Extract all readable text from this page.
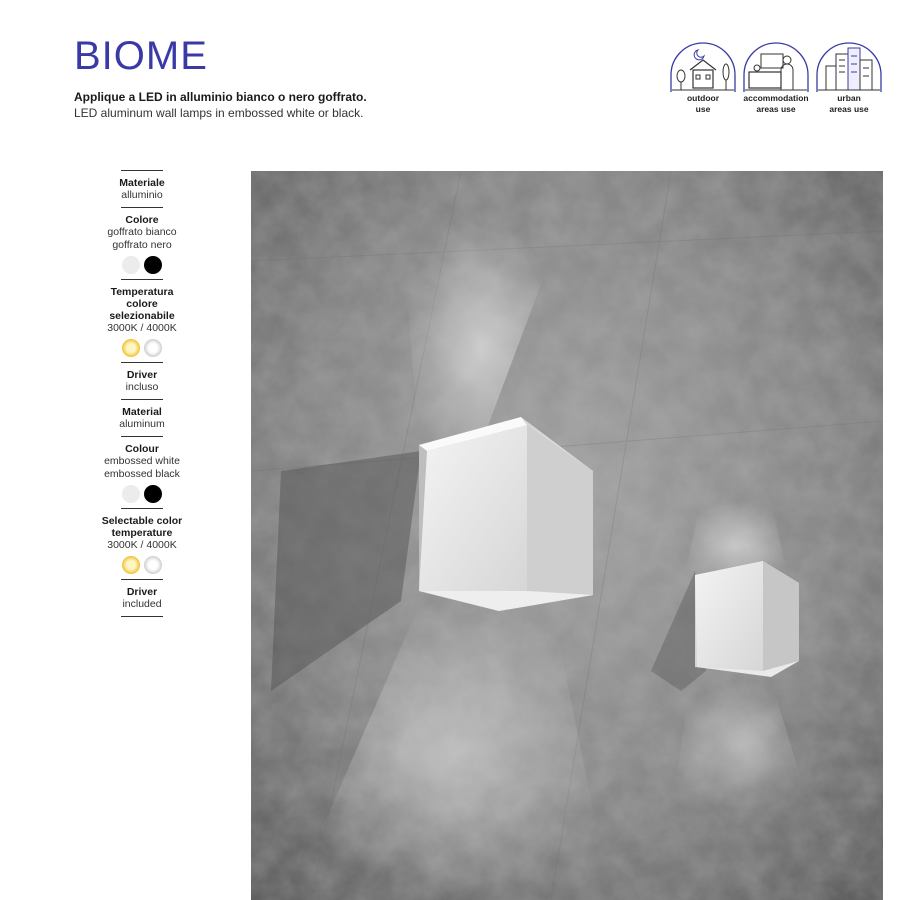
BIOME
Applique a LED in alluminio bianco o nero goffrato.
LED aluminum wall lamps in embossed white or black.
outdoor
use
accommodation
areas use
urban
areas use
Materiale
alluminio
Colore
goffrato bianco
goffrato nero
Temperatura colore
selezionabile
3000K / 4000K
Driver
incluso
Material
aluminum
Colour
embossed white
embossed black
Selectable color
temperature
3000K / 4000K
Driver
included
